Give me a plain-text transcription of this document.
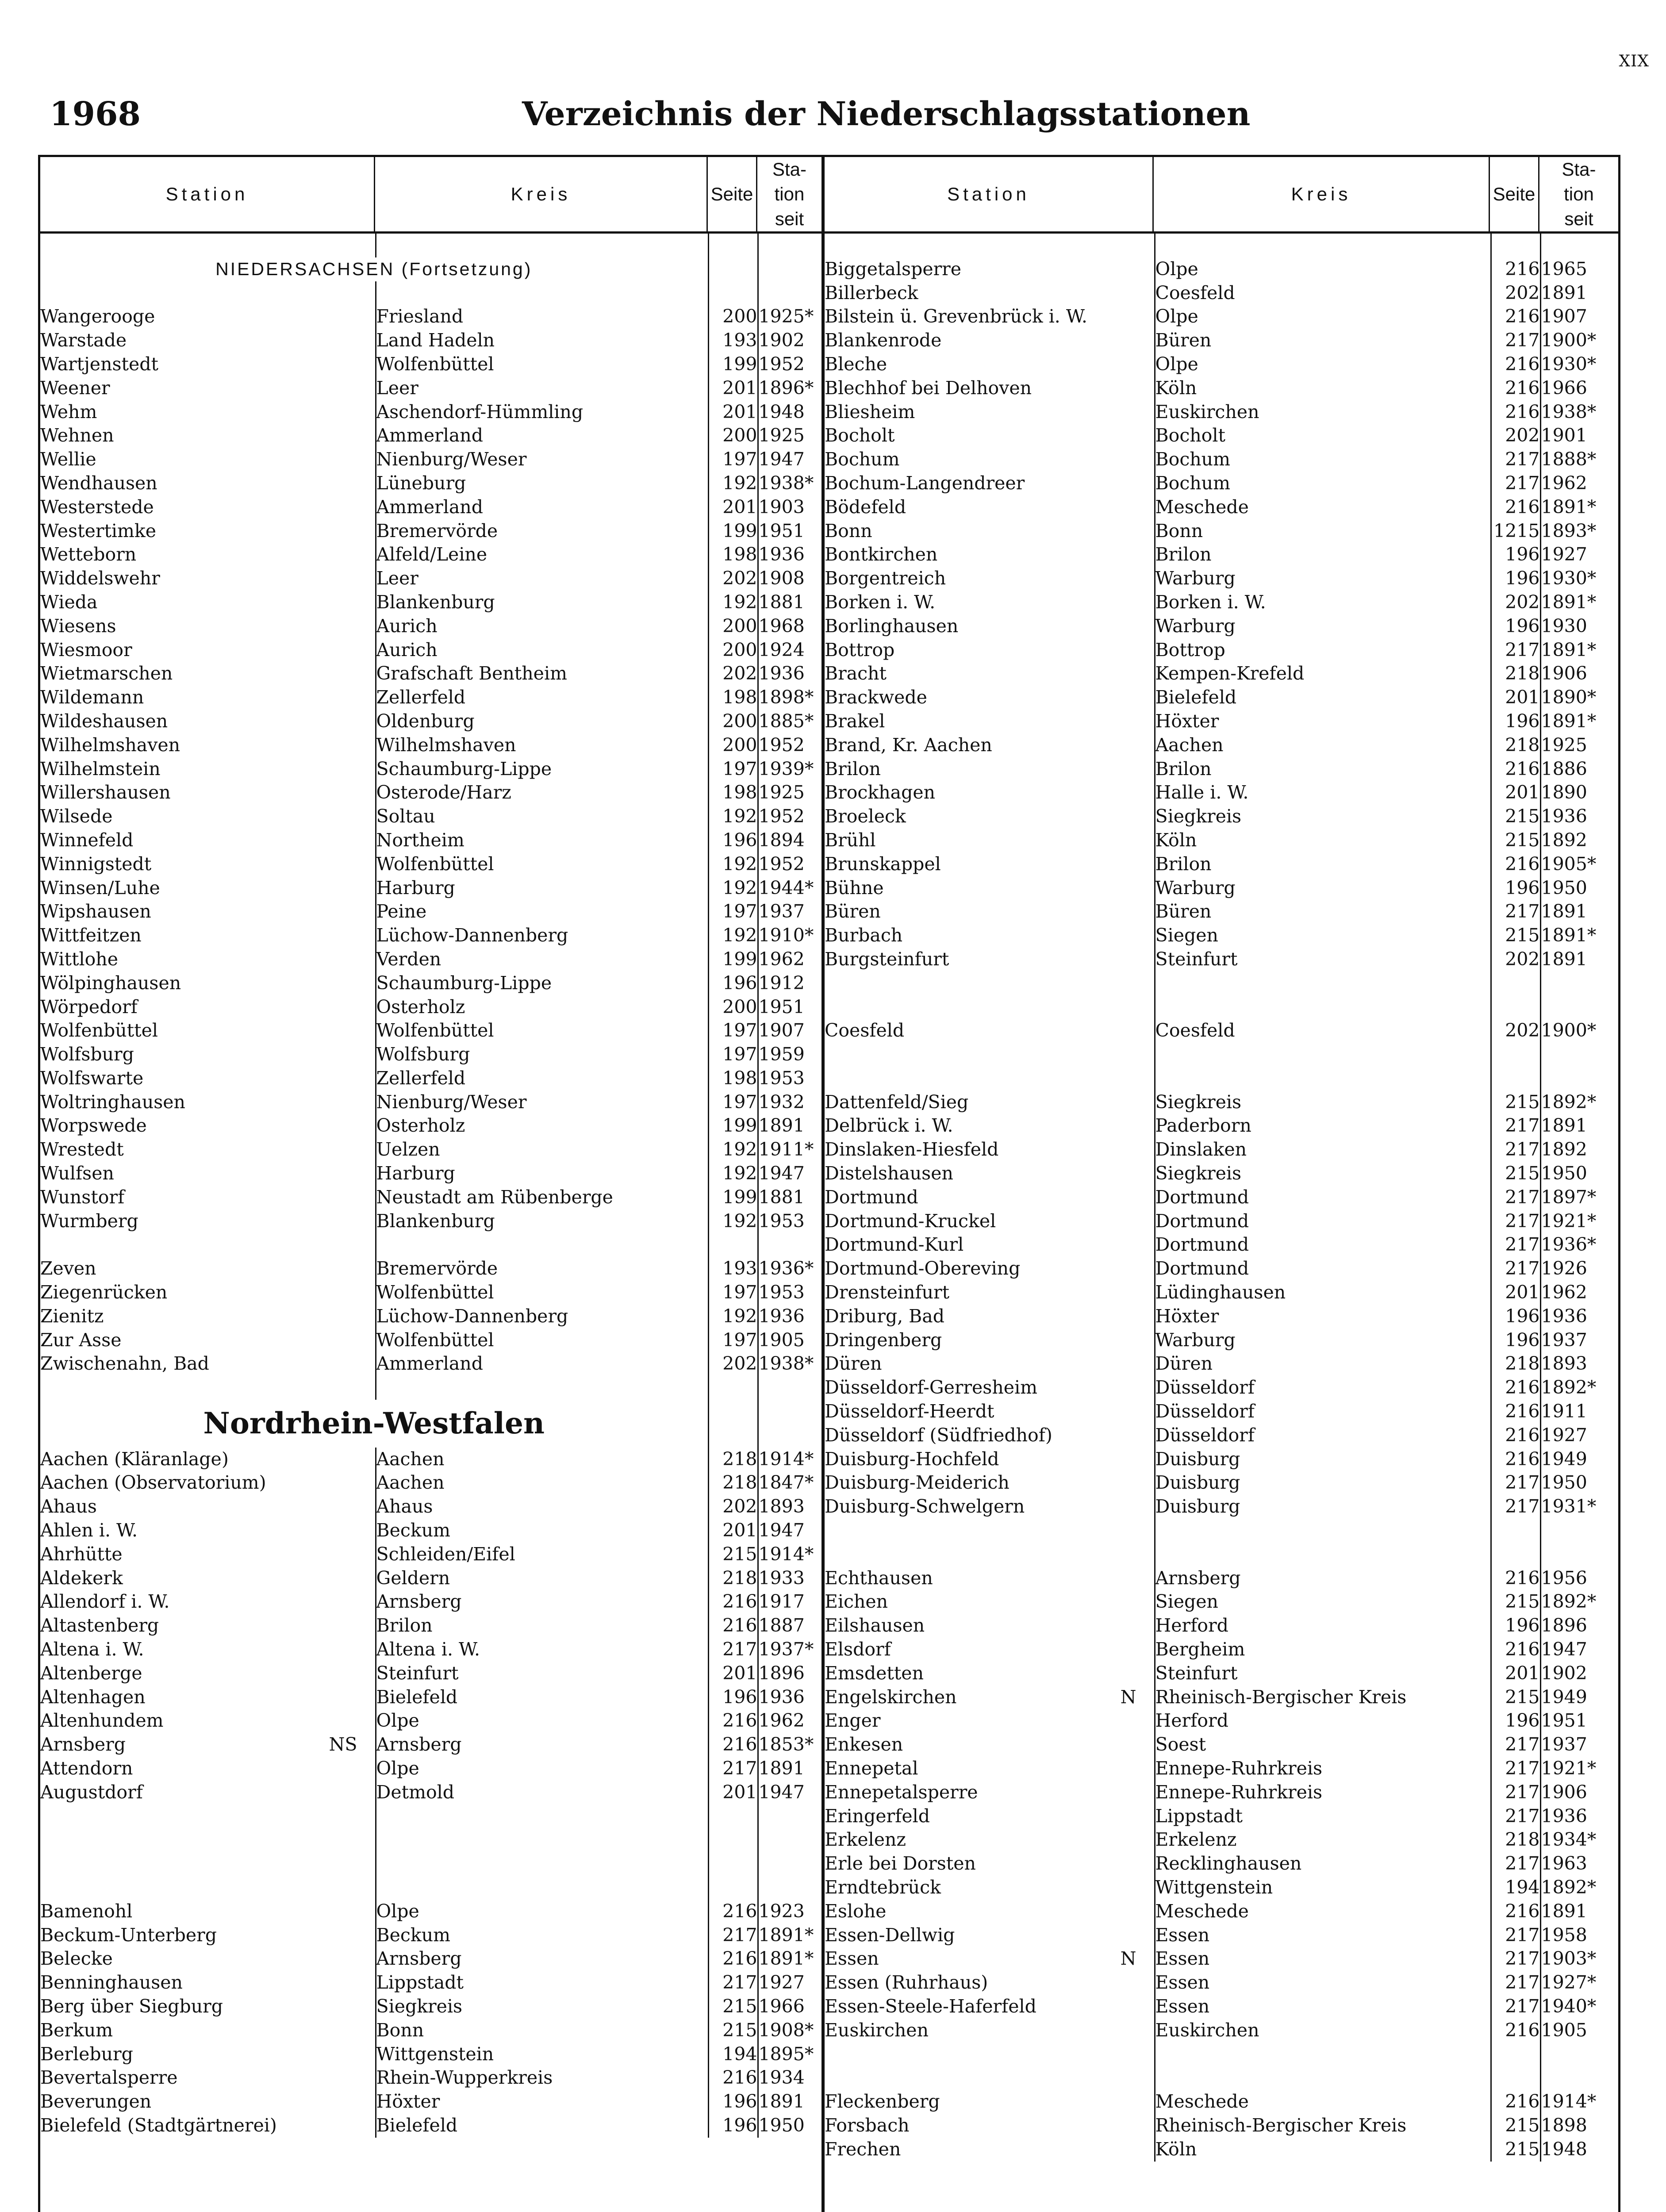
XIX
1968	Verzeichnis der Niederschlagsstationen
Station	Kreis	Seite	Sta-
tion
seit	Station	Kreis	Seite	Sta-
tion
seit

NIEDERSACHSEN (Fortsetzung)		

Wangerooge	Friesland	200	1925*
Warstade	Land Hadeln	193	1902
Wartjenstedt	Wolfenbüttel	199	1952
Weener	Leer	201	1896*
Wehm	Aschendorf-Hümmling	201	1948
Wehnen	Ammerland	200	1925
Wellie	Nienburg/Weser	197	1947
Wendhausen	Lüneburg	192	1938*
Westerstede	Ammerland	201	1903
Westertimke	Bremervörde	199	1951
Wetteborn	Alfeld/Leine	198	1936
Widdelswehr	Leer	202	1908
Wieda	Blankenburg	192	1881
Wiesens	Aurich	200	1968
Wiesmoor	Aurich	200	1924
Wietmarschen	Grafschaft Bentheim	202	1936
Wildemann	Zellerfeld	198	1898*
Wildeshausen	Oldenburg	200	1885*
Wilhelmshaven	Wilhelmshaven	200	1952
Wilhelmstein	Schaumburg-Lippe	197	1939*
Willershausen	Osterode/Harz	198	1925
Wilsede	Soltau	192	1952
Winnefeld	Northeim	196	1894
Winnigstedt	Wolfenbüttel	192	1952
Winsen/Luhe	Harburg	192	1944*
Wipshausen	Peine	197	1937
Wittfeitzen	Lüchow-Dannenberg	192	1910*
Wittlohe	Verden	199	1962
Wölpinghausen	Schaumburg-Lippe	196	1912
Wörpedorf	Osterholz	200	1951
Wolfenbüttel	Wolfenbüttel	197	1907
Wolfsburg	Wolfsburg	197	1959
Wolfswarte	Zellerfeld	198	1953
Woltringhausen	Nienburg/Weser	197	1932
Worpswede	Osterholz	199	1891
Wrestedt	Uelzen	192	1911*
Wulfsen	Harburg	192	1947
Wunstorf	Neustadt am Rübenberge	199	1881
Wurmberg	Blankenburg	192	1953

Zeven	Bremervörde	193	1936*
Ziegenrücken	Wolfenbüttel	197	1953
Zienitz	Lüchow-Dannenberg	192	1936
Zur Asse	Wolfenbüttel	197	1905
Zwischenahn, Bad	Ammerland	202	1938*

Nordrhein-Westfalen		
Aachen (Kläranlage)	Aachen	218	1914*
Aachen (Observatorium)	Aachen	218	1847*
Ahaus	Ahaus	202	1893
Ahlen i. W.	Beckum	201	1947
Ahrhütte	Schleiden/Eifel	215	1914*
Aldekerk	Geldern	218	1933
Allendorf i. W.	Arnsberg	216	1917
Altastenberg	Brilon	216	1887
Altena i. W.	Altena i. W.	217	1937*
Altenberge	Steinfurt	201	1896
Altenhagen	Bielefeld	196	1936
Altenhundem	Olpe	216	1962
Arnsberg	NS	Arnsberg	216	1853*
Attendorn	Olpe	217	1891
Augustdorf	Detmold	201	1947

Bamenohl	Olpe	216	1923
Beckum-Unterberg	Beckum	217	1891*
Belecke	Arnsberg	216	1891*
Benninghausen	Lippstadt	217	1927
Berg über Siegburg	Siegkreis	215	1966
Berkum	Bonn	215	1908*
Berleburg	Wittgenstein	194	1895*
Bevertalsperre	Rhein-Wupperkreis	216	1934
Beverungen	Höxter	196	1891
Bielefeld (Stadtgärtnerei)	Bielefeld	196	1950

Biggetalsperre	Olpe	216	1965
Billerbeck	Coesfeld	202	1891
Bilstein ü. Grevenbrück i. W.	Olpe	216	1907
Blankenrode	Büren	217	1900*
Bleche	Olpe	216	1930*
Blechhof bei Delhoven	Köln	216	1966
Bliesheim	Euskirchen	216	1938*
Bocholt	Bocholt	202	1901
Bochum	Bochum	217	1888*
Bochum-Langendreer	Bochum	217	1962
Bödefeld	Meschede	216	1891*
Bonn	Bonn	1215	1893*
Bontkirchen	Brilon	196	1927
Borgentreich	Warburg	196	1930*
Borken i. W.	Borken i. W.	202	1891*
Borlinghausen	Warburg	196	1930
Bottrop	Bottrop	217	1891*
Bracht	Kempen-Krefeld	218	1906
Brackwede	Bielefeld	201	1890*
Brakel	Höxter	196	1891*
Brand, Kr. Aachen	Aachen	218	1925
Brilon	Brilon	216	1886
Brockhagen	Halle i. W.	201	1890
Broeleck	Siegkreis	215	1936
Brühl	Köln	215	1892
Brunskappel	Brilon	216	1905*
Bühne	Warburg	196	1950
Büren	Büren	217	1891
Burbach	Siegen	215	1891*
Burgsteinfurt	Steinfurt	202	1891

Coesfeld	Coesfeld	202	1900*

Dattenfeld/Sieg	Siegkreis	215	1892*
Delbrück i. W.	Paderborn	217	1891
Dinslaken-Hiesfeld	Dinslaken	217	1892
Distelshausen	Siegkreis	215	1950
Dortmund	Dortmund	217	1897*
Dortmund-Kruckel	Dortmund	217	1921*
Dortmund-Kurl	Dortmund	217	1936*
Dortmund-Obereving	Dortmund	217	1926
Drensteinfurt	Lüdinghausen	201	1962
Driburg, Bad	Höxter	196	1936
Dringenberg	Warburg	196	1937
Düren	Düren	218	1893
Düsseldorf-Gerresheim	Düsseldorf	216	1892*
Düsseldorf-Heerdt	Düsseldorf	216	1911
Düsseldorf (Südfriedhof)	Düsseldorf	216	1927
Duisburg-Hochfeld	Duisburg	216	1949
Duisburg-Meiderich	Duisburg	217	1950
Duisburg-Schwelgern	Duisburg	217	1931*

Echthausen	Arnsberg	216	1956
Eichen	Siegen	215	1892*
Eilshausen	Herford	196	1896
Elsdorf	Bergheim	216	1947
Emsdetten	Steinfurt	201	1902
Engelskirchen	N	Rheinisch-Bergischer Kreis	215	1949
Enger	Herford	196	1951
Enkesen	Soest	217	1937
Ennepetal	Ennepe-Ruhrkreis	217	1921*
Ennepetalsperre	Ennepe-Ruhrkreis	217	1906
Eringerfeld	Lippstadt	217	1936
Erkelenz	Erkelenz	218	1934*
Erle bei Dorsten	Recklinghausen	217	1963
Erndtebrück	Wittgenstein	194	1892*
Eslohe	Meschede	216	1891
Essen-Dellwig	Essen	217	1958
Essen	N	Essen	217	1903*
Essen (Ruhrhaus)	Essen	217	1927*
Essen-Steele-Haferfeld	Essen	217	1940*
Euskirchen	Euskirchen	216	1905

Fleckenberg	Meschede	216	1914*
Forsbach	Rheinisch-Bergischer Kreis	215	1898
Frechen	Köln	215	1948
